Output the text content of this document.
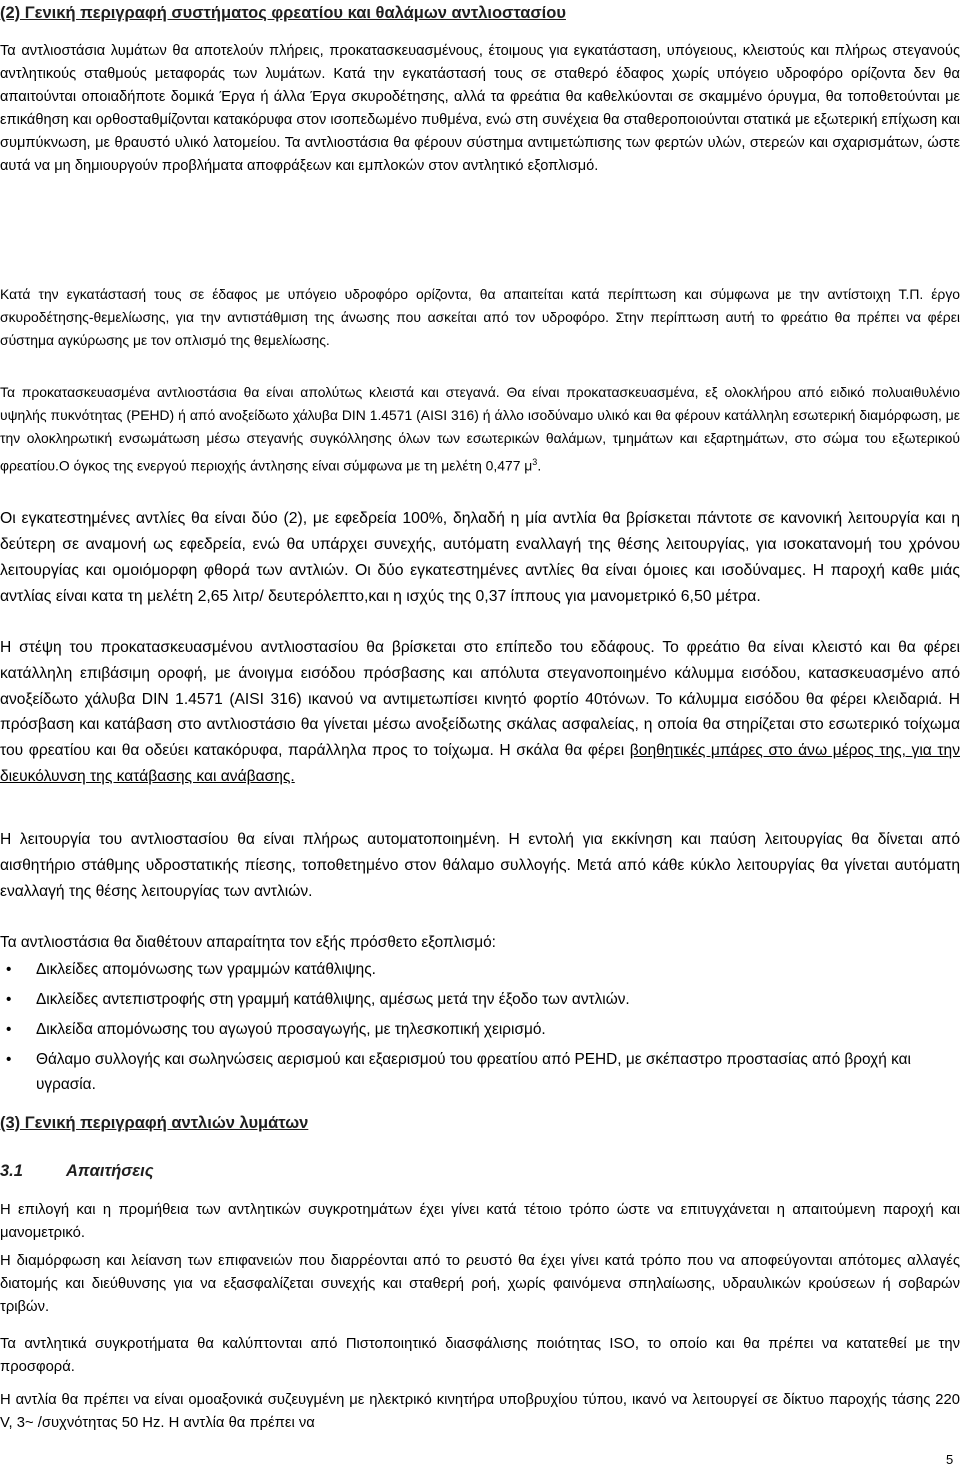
(2) Γενική περιγραφή συστήματος φρεατίου και θαλάμων αντλιοστασίου

Τα αντλιοστάσια λυμάτων θα αποτελούν πλήρεις, προκατασκευασμένους, έτοιμους για εγκατάσταση, υπόγειους, κλειστούς και πλήρως στεγανούς αντλητικούς σταθμούς μεταφοράς των λυμάτων. Κατά την εγκατάστασή τους σε σταθερό έδαφος χωρίς υπόγειο υδροφόρο ορίζοντα δεν θα απαιτούνται οποιαδήποτε δομικά Έργα ή άλλα Έργα σκυροδέτησης, αλλά τα φρεάτια θα καθελκύονται σε σκαμμένο όρυγμα, θα τοποθετούνται με επικάθηση και ορθοσταθμίζονται κατακόρυφα στον ισοπεδωμένο πυθμένα, ενώ στη συνέχεια θα σταθεροποιούνται στατικά με εξωτερική επίχωση και συμπύκνωση, με θραυστό υλικό λατομείου. Τα αντλιοστάσια θα φέρουν σύστημα αντιμετώπισης των φερτών υλών, στερεών και σχαρισμάτων, ώστε αυτά να μη δημιουργούν προβλήματα αποφράξεων και εμπλοκών στον αντλητικό εξοπλισμό.

Κατά την εγκατάστασή τους σε έδαφος με υπόγειο υδροφόρο ορίζοντα, θα απαιτείται κατά περίπτωση και σύμφωνα με την αντίστοιχη Τ.Π. έργο σκυροδέτησης-θεμελίωσης, για την αντιστάθμιση της άνωσης που ασκείται από τον υδροφόρο. Στην περίπτωση αυτή το φρεάτιο θα πρέπει να φέρει σύστημα αγκύρωσης με τον οπλισμό της θεμελίωσης.

Τα προκατασκευασμένα αντλιοστάσια θα είναι απολύτως κλειστά και στεγανά. Θα είναι προκατασκευασμένα, εξ ολοκλήρου από ειδικό πολυαιθυλένιο υψηλής πυκνότητας (PEHD) ή από ανοξείδωτο χάλυβα DIN 1.4571 (AISI 316) ή άλλο ισοδύναμο υλικό και θα φέρουν κατάλληλη εσωτερική διαμόρφωση, με την ολοκληρωτική ενσωμάτωση μέσω στεγανής συγκόλλησης όλων των εσωτερικών θαλάμων, τμημάτων και εξαρτημάτων, στο σώμα του εξωτερικού φρεατίου.Ο όγκος της ενεργού περιοχής άντλησης είναι σύμφωνα με τη μελέτη 0,477 $\mu^3$.

Οι εγκατεστημένες αντλίες θα είναι δύο (2), με εφεδρεία 100%, δηλαδή η μία αντλία θα βρίσκεται πάντοτε σε κανονική λειτουργία και η δεύτερη σε αναμονή ως εφεδρεία, ενώ θα υπάρχει συνεχής, αυτόματη εναλλαγή της θέσης λειτουργίας, για ισοκατανομή του χρόνου λειτουργίας και ομοιόμορφη φθορά των αντλιών. Οι δύο εγκατεστημένες αντλίες θα είναι όμοιες και ισοδύναμες. Η παροχή καθε μιάς αντλίας είναι κατα τη μελέτη 2,65 λιτρ/ δευτερόλεπτο,και η ισχύς της 0,37 ίππους για μανομετρικό 6,50 μέτρα.

Η στέψη του προκατασκευασμένου αντλιοστασίου θα βρίσκεται στο επίπεδο του εδάφους. Το φρεάτιο θα είναι κλειστό και θα φέρει κατάλληλη επιβάσιμη οροφή, με άνοιγμα εισόδου πρόσβασης και απόλυτα στεγανοποιημένο κάλυμμα εισόδου, κατασκευασμένο από ανοξείδωτο χάλυβα DIN 1.4571 (AISI 316) ικανού να αντιμετωπίσει κινητό φορτίο 40τόνων. Το κάλυμμα εισόδου θα φέρει κλειδαριά. Η πρόσβαση και κατάβαση στο αντλιοστάσιο θα γίνεται μέσω ανοξείδωτης σκάλας ασφαλείας, η οποία θα στηρίζεται στο εσωτερικό τοίχωμα του φρεατίου και θα οδεύει κατακόρυφα, παράλληλα προς το τοίχωμα. Η σκάλα θα φέρει βοηθητικές μπάρες στο άνω μέρος της, για την διευκόλυνση της κατάβασης και ανάβασης.

Η λειτουργία του αντλιοστασίου θα είναι πλήρως αυτοματοποιημένη. Η εντολή για εκκίνηση και παύση λειτουργίας θα δίνεται από αισθητήριο στάθμης υδροστατικής πίεσης, τοποθετημένο στον θάλαμο συλλογής. Μετά από κάθε κύκλο λειτουργίας θα γίνεται αυτόματη εναλλαγή της θέσης λειτουργίας των αντλιών.

Τα αντλιοστάσια θα διαθέτουν απαραίτητα τον εξής πρόσθετο εξοπλισμό:

• Δικλείδες απομόνωσης των γραμμών κατάθλιψης.
• Δικλείδες αντεπιστροφής στη γραμμή κατάθλιψης, αμέσως μετά την έξοδο των αντλιών.
• Δικλείδα απομόνωσης του αγωγού προσαγωγής, με τηλεσκοπική χειρισμό.
• Θάλαμο συλλογής και σωληνώσεις αερισμού και εξαερισμού του φρεατίου από PEHD, με σκέπαστρο προστασίας από βροχή και υγρασία.
(3) Γενική περιγραφή αντλιών λυμάτων
3.1	Απαιτήσεις

Η επιλογή και η προμήθεια των αντλητικών συγκροτημάτων έχει γίνει κατά τέτοιο τρόπο ώστε να επιτυγχάνεται η απαιτούμενη παροχή και μανομετρικό.

Η διαμόρφωση και λείανση των επιφανειών που διαρρέονται από το ρευστό θα έχει γίνει κατά τρόπο που να αποφεύγονται απότομες αλλαγές διατομής και διεύθυνσης για να εξασφαλίζεται συνεχής και σταθερή ροή, χωρίς φαινόμενα σπηλαίωσης, υδραυλικών κρούσεων ή σοβαρών τριβών.

Τα αντλητικά συγκροτήματα θα καλύπτονται από Πιστοποιητικό διασφάλισης ποιότητας ISO, το οποίο και θα πρέπει να κατατεθεί με την προσφορά.

Η αντλία θα πρέπει να είναι ομοαξονικά συζευγμένη με ηλεκτρικό κινητήρα υποβρυχίου τύπου, ικανό να λειτουργεί σε δίκτυο παροχής τάσης 220 V, 3~ /συχνότητας 50 Hz. Η αντλία θα πρέπει να

5
